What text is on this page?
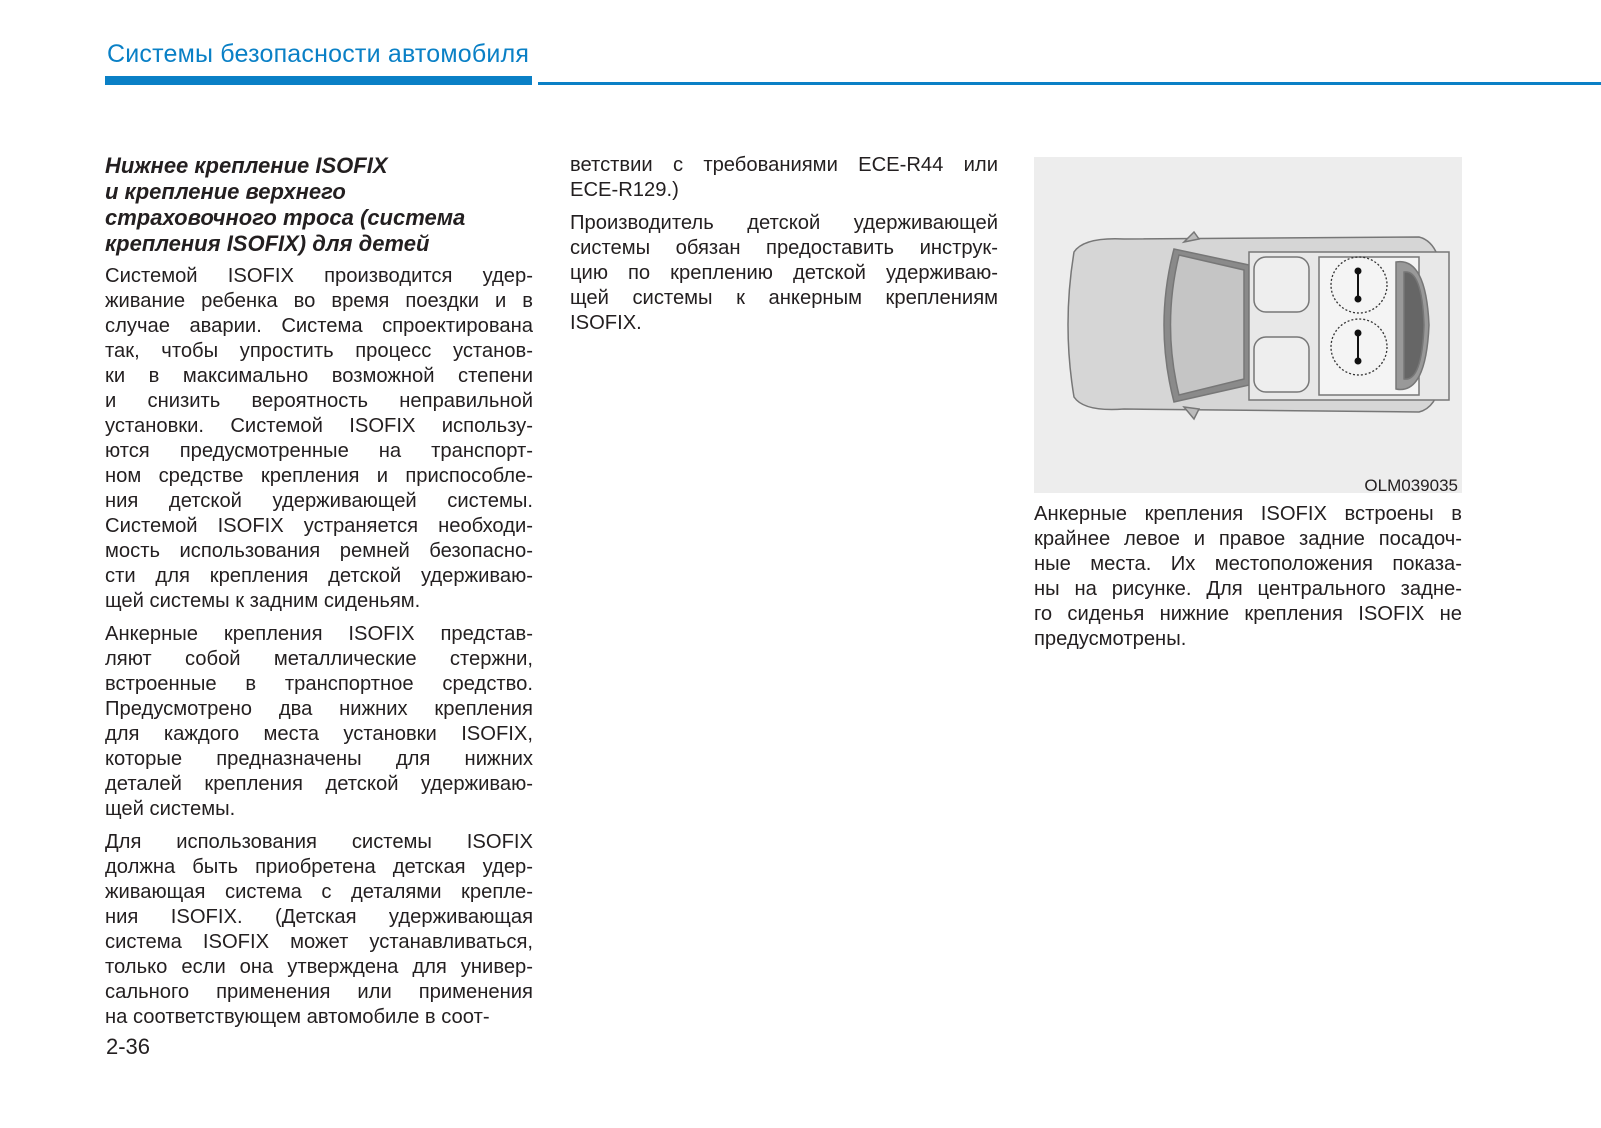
Системы безопасности автомобиля
Нижнее крепление ISOFIX
и крепление верхнего
страховочного троса (система
крепления ISOFIX) для детей
Системой ISOFIX производится удер-
живание ребенка во время поездки и в
случае аварии. Система спроектирована
так, чтобы упростить процесс установ-
ки в максимально возможной степени
и снизить вероятность неправильной
установки. Системой ISOFIX использу-
ются предусмотренные на транспорт-
ном средстве крепления и приспособле-
ния детской удерживающей системы.
Системой ISOFIX устраняется необходи-
мость использования ремней безопасно-
сти для крепления детской удерживаю-
щей системы к задним сиденьям.
Анкерные крепления ISOFIX представ-
ляют собой металлические стержни,
встроенные в транспортное средство.
Предусмотрено два нижних крепления
для каждого места установки ISOFIX,
которые предназначены для нижних
деталей крепления детской удерживаю-
щей системы.
Для использования системы ISOFIX
должна быть приобретена детская удер-
живающая система с деталями крепле-
ния ISOFIX. (Детская удерживающая
система ISOFIX может устанавливаться,
только если она утверждена для универ-
сального применения или применения
на соответствующем автомобиле в соот-
ветствии с требованиями ECE-R44 или
ECE-R129.)
Производитель детской удерживающей
системы обязан предоставить инструк-
цию по креплению детской удерживаю-
щей системы к анкерным креплениям
ISOFIX.
OLM039035
Анкерные крепления ISOFIX встроены в
крайнее левое и правое задние посадоч-
ные места. Их местоположения показа-
ны на рисунке. Для центрального задне-
го сиденья нижние крепления ISOFIX не
предусмотрены.
2-36
